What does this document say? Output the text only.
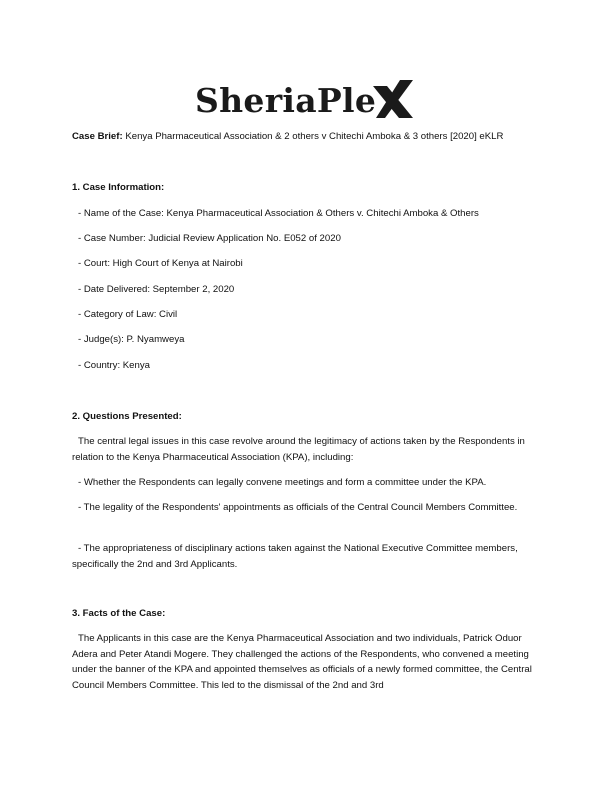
SheriaPle
Case Brief: Kenya Pharmaceutical Association & 2 others v Chitechi Amboka & 3 others [2020] eKLR
1. Case Information:
- Name of the Case: Kenya Pharmaceutical Association & Others v. Chitechi Amboka & Others
- Case Number: Judicial Review Application No. E052 of 2020
- Court: High Court of Kenya at Nairobi
- Date Delivered: September 2, 2020
- Category of Law: Civil
- Judge(s): P. Nyamweya
- Country: Kenya
2. Questions Presented:
The central legal issues in this case revolve around the legitimacy of actions taken by the Respondents in relation to the Kenya Pharmaceutical Association (KPA), including:
- Whether the Respondents can legally convene meetings and form a committee under the KPA.
- The legality of the Respondents' appointments as officials of the Central Council Members Committee.
- The appropriateness of disciplinary actions taken against the National Executive Committee members, specifically the 2nd and 3rd Applicants.
3. Facts of the Case:
The Applicants in this case are the Kenya Pharmaceutical Association and two individuals, Patrick Oduor Adera and Peter Atandi Mogere. They challenged the actions of the Respondents, who convened a meeting under the banner of the KPA and appointed themselves as officials of a newly formed committee, the Central Council Members Committee. This led to the dismissal of the 2nd and 3rd
